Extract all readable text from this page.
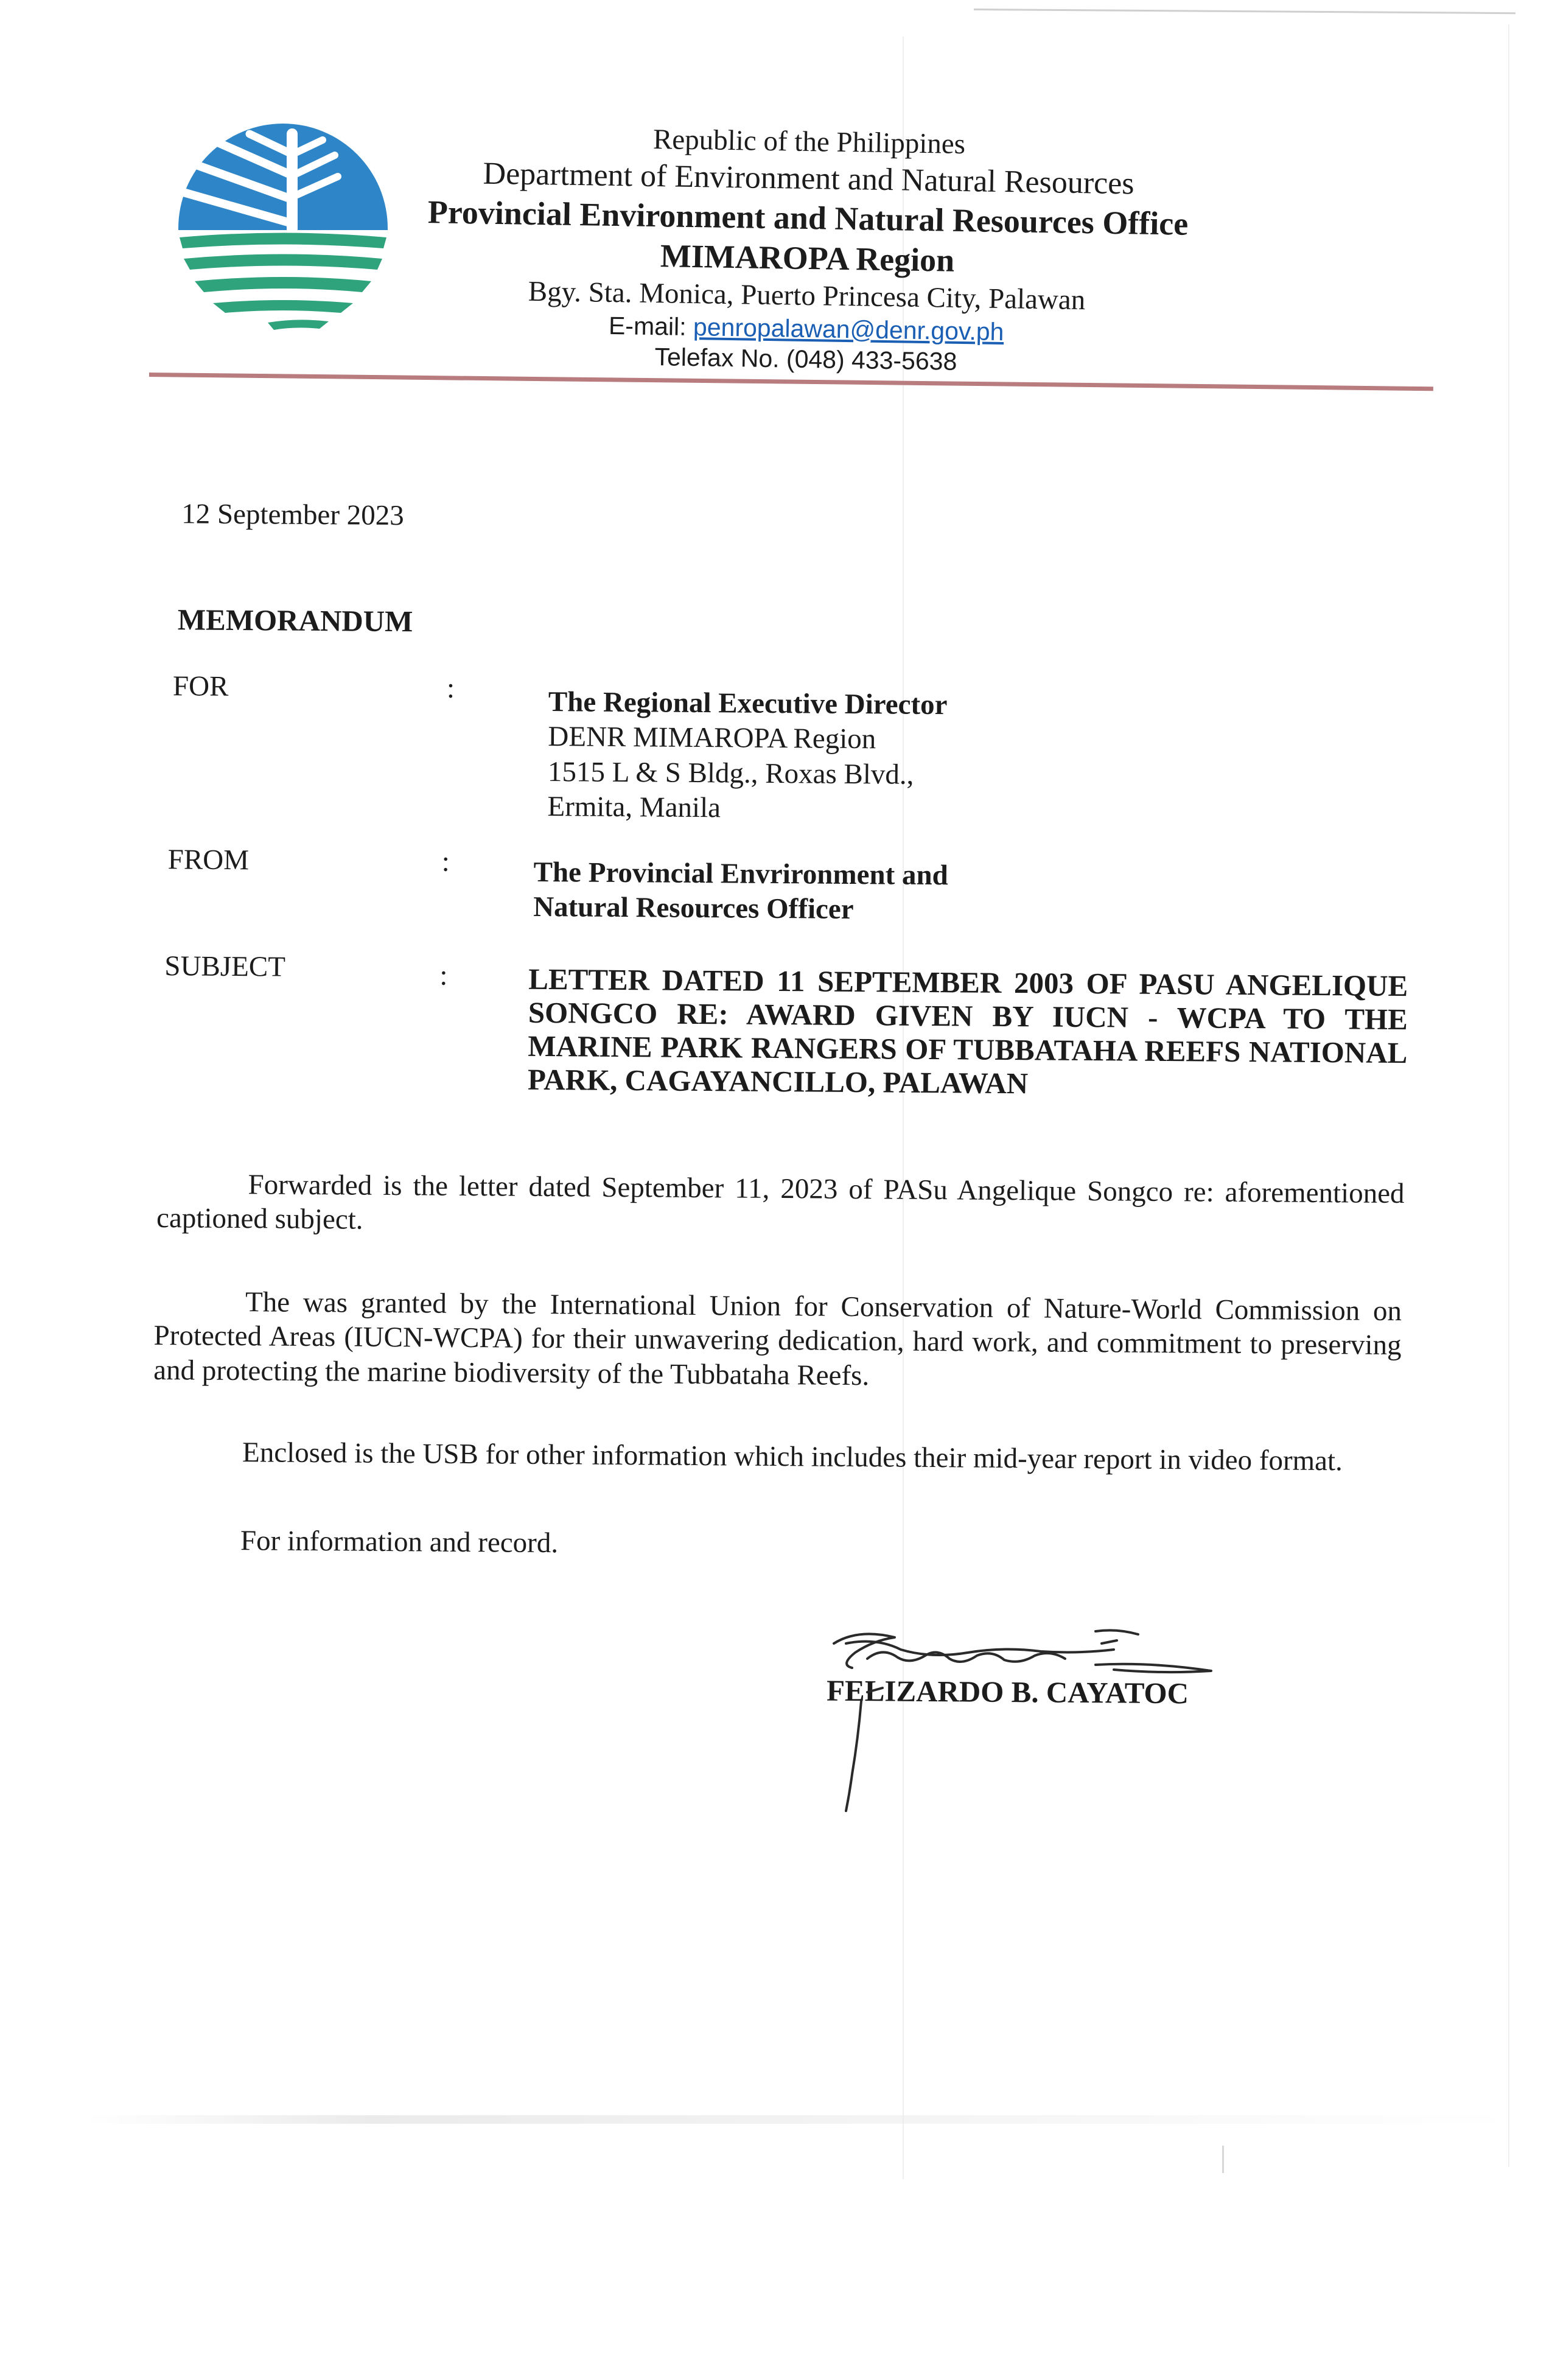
Republic of the Philippines
Department of Environment and Natural Resources
Provincial Environment and Natural Resources Office
MIMAROPA Region
Bgy. Sta. Monica, Puerto Princesa City, Palawan
E-mail: penropalawan@denr.gov.ph
Telefax No. (048) 433-5638
12 September 2023
MEMORANDUM
FOR	:	The Regional Executive Director
DENR MIMAROPA Region
1515 L & S Bldg., Roxas Blvd.,
Ermita, Manila
FROM	:	The Provincial Envrironment and
Natural Resources Officer
SUBJECT	:	LETTER DATED 11 SEPTEMBER 2003 OF PASU ANGELIQUE SONGCO RE: AWARD GIVEN BY IUCN - WCPA TO THE MARINE PARK RANGERS OF TUBBATAHA REEFS NATIONAL PARK, CAGAYANCILLO, PALAWAN
Forwarded is the letter dated September 11, 2023 of PASu Angelique Songco re: aforementioned captioned subject.
The was granted by the International Union for Conservation of Nature-World Commission on Protected Areas (IUCN-WCPA) for their unwavering dedication, hard work, and commitment to preserving and protecting the marine biodiversity of the Tubbataha Reefs.
Enclosed is the USB for other information which includes their mid-year report in video format.
For information and record.
FELIZARDO B. CAYATOC
